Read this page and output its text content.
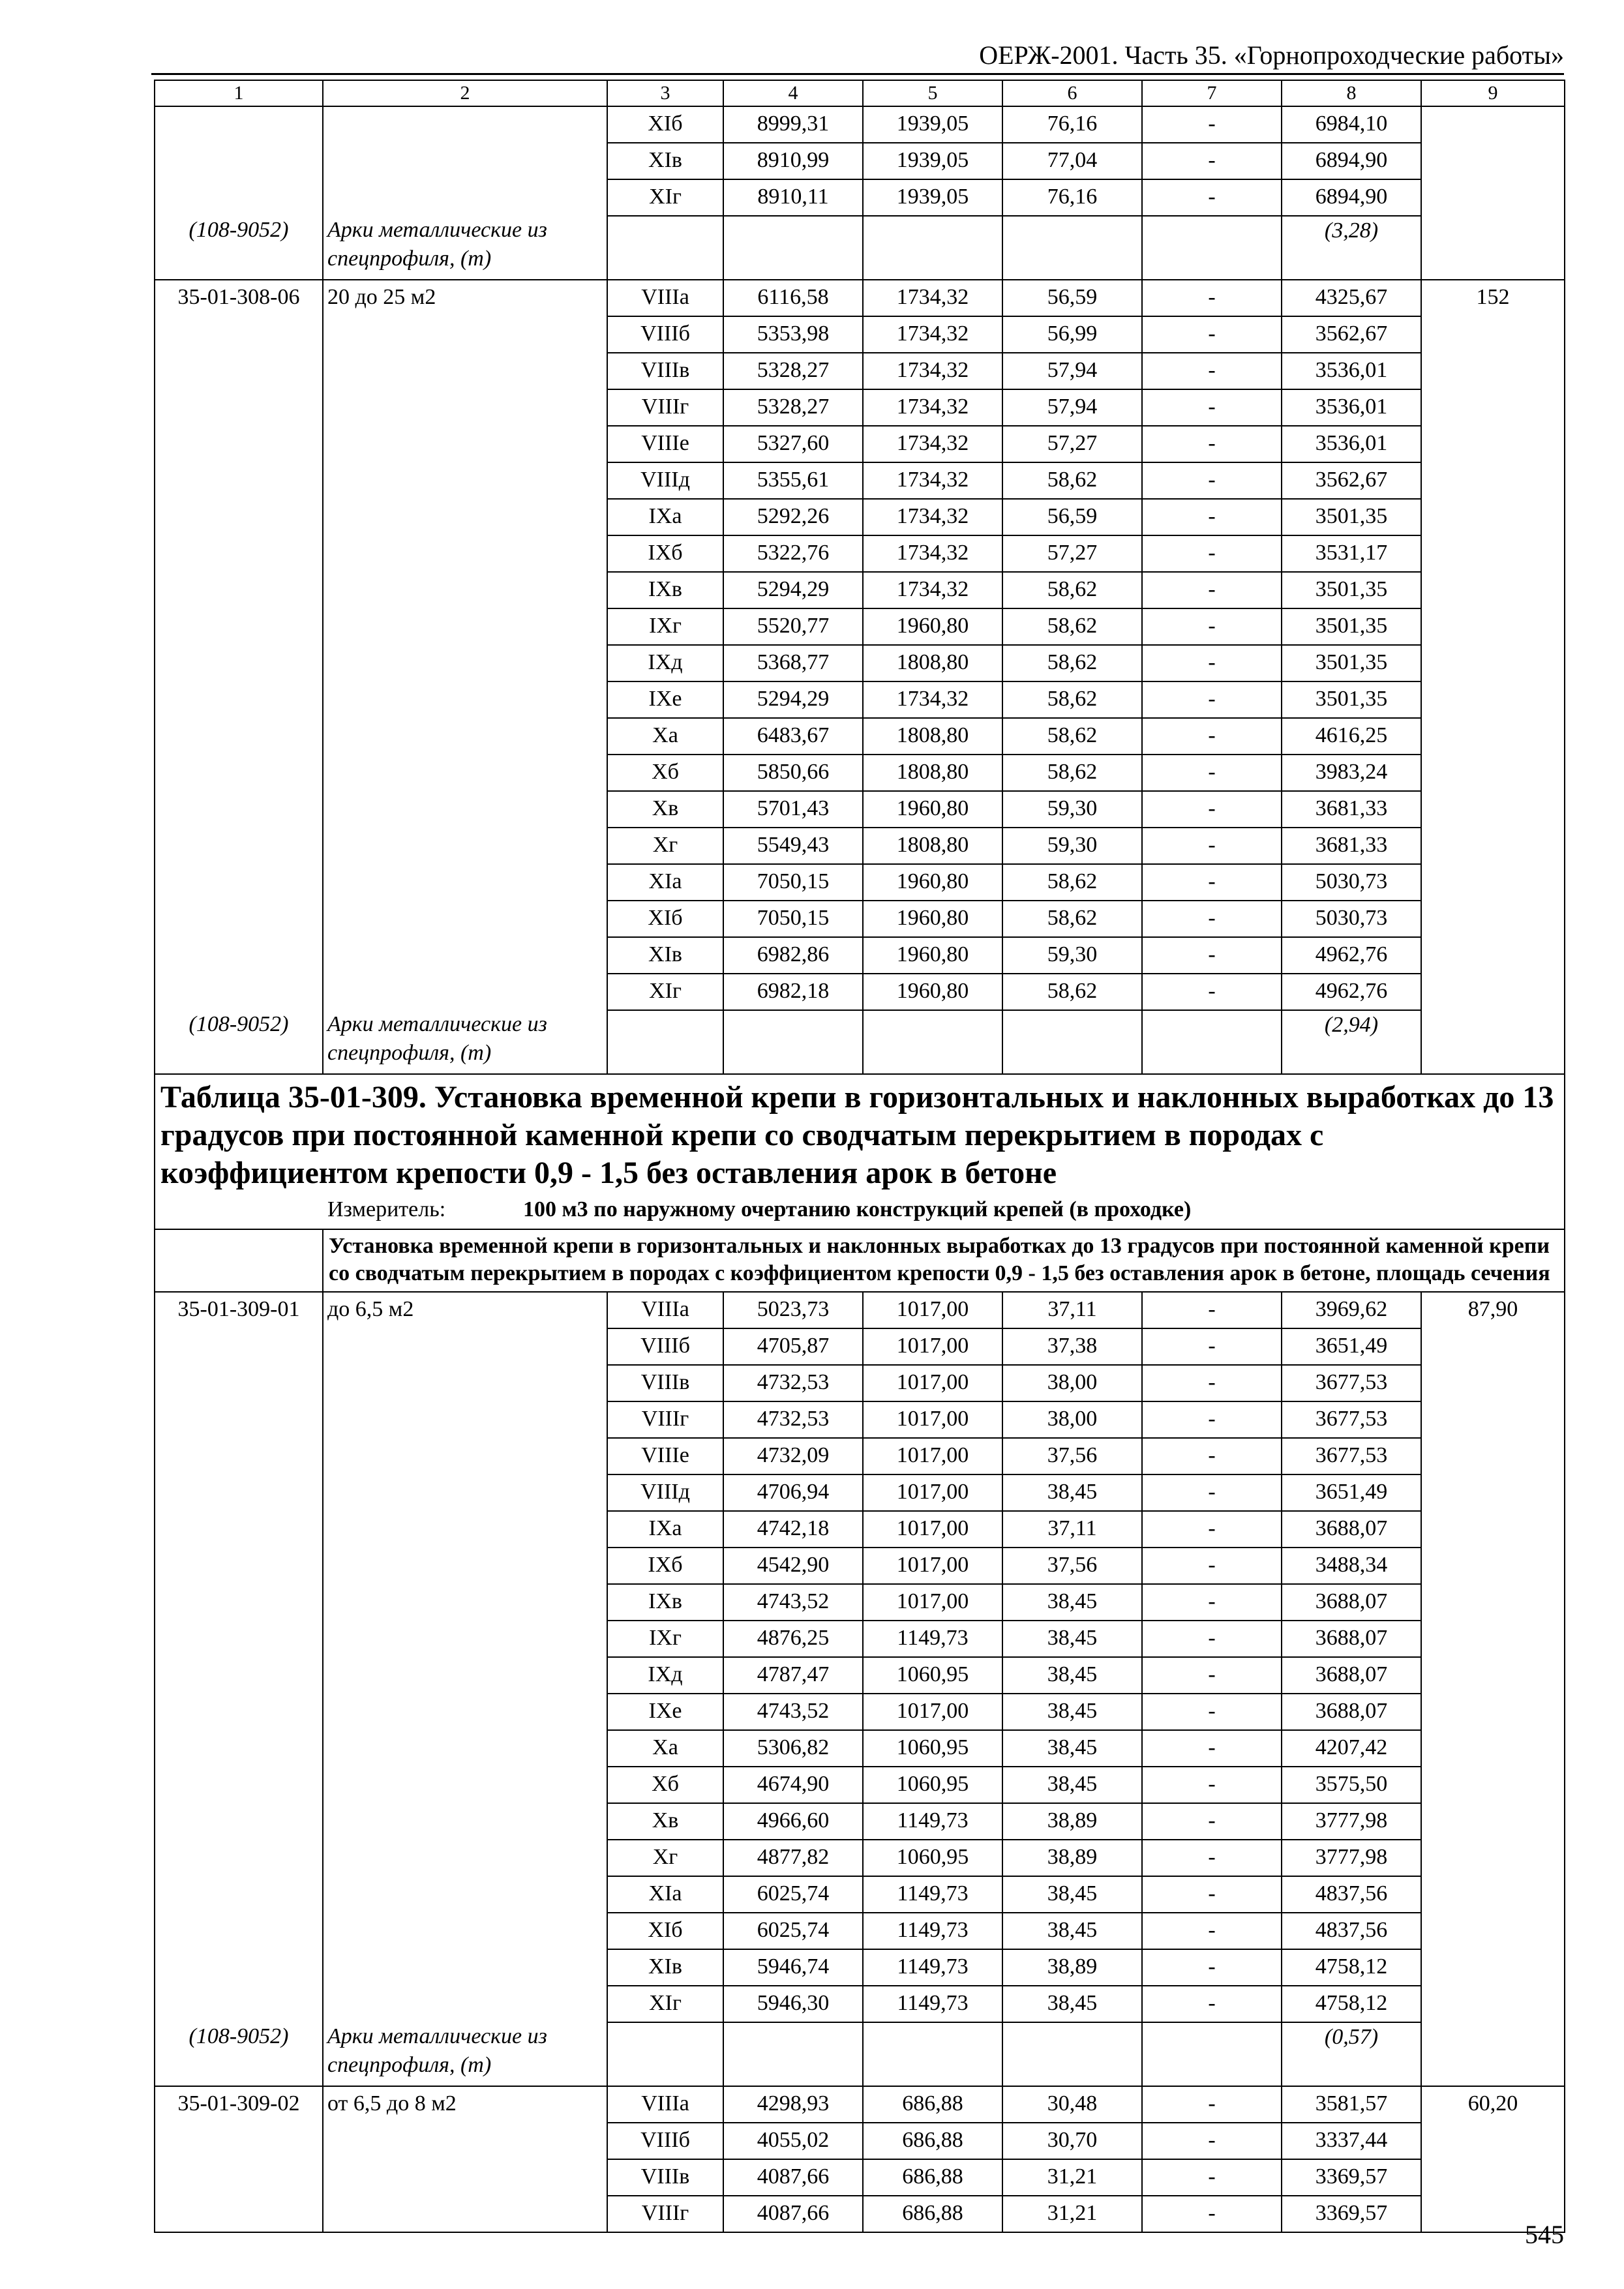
ОЕРЖ-2001. Часть 35. «Горнопроходческие работы»
1	2	3	4	5	6	7	8	9
		XIб	8999,31	1939,05	76,16	-	6984,10	
		XIв	8910,99	1939,05	77,04	-	6894,90	
		XIг	8910,11	1939,05	76,16	-	6894,90	
(108-9052)	Арки металлические из спецпрофиля, (т)						(3,28)	
35-01-308-06	20 до 25 м2	VIIIа	6116,58	1734,32	56,59	-	4325,67	152
		VIIIб	5353,98	1734,32	56,99	-	3562,67	
		VIIIв	5328,27	1734,32	57,94	-	3536,01	
		VIIIг	5328,27	1734,32	57,94	-	3536,01	
		VIIIе	5327,60	1734,32	57,27	-	3536,01	
		VIIIд	5355,61	1734,32	58,62	-	3562,67	
		IXа	5292,26	1734,32	56,59	-	3501,35	
		IXб	5322,76	1734,32	57,27	-	3531,17	
		IXв	5294,29	1734,32	58,62	-	3501,35	
		IXг	5520,77	1960,80	58,62	-	3501,35	
		IXд	5368,77	1808,80	58,62	-	3501,35	
		IXе	5294,29	1734,32	58,62	-	3501,35	
		Xа	6483,67	1808,80	58,62	-	4616,25	
		Xб	5850,66	1808,80	58,62	-	3983,24	
		Xв	5701,43	1960,80	59,30	-	3681,33	
		Xг	5549,43	1808,80	59,30	-	3681,33	
		XIа	7050,15	1960,80	58,62	-	5030,73	
		XIб	7050,15	1960,80	58,62	-	5030,73	
		XIв	6982,86	1960,80	59,30	-	4962,76	
		XIг	6982,18	1960,80	58,62	-	4962,76	
(108-9052)	Арки металлические из спецпрофиля, (т)						(2,94)	

Таблица 35-01-309. Установка временной крепи в горизонтальных и наклонных выработках до 13 градусов при постоянной каменной крепи со сводчатым перекрытием в породах с коэффициентом крепости 0,9 - 1,5 без оставления арок в бетоне
Измеритель: 100 м3 по наружному очертанию конструкций крепей (в проходке)								

	Установка временной крепи в горизонтальных и наклонных выработках до 13 градусов при постоянной каменной крепи со сводчатым перекрытием в породах с коэффициентом крепости 0,9 - 1,5 без оставления арок в бетоне, площадь сечения							
35-01-309-01	до 6,5 м2	VIIIа	5023,73	1017,00	37,11	-	3969,62	87,90
		VIIIб	4705,87	1017,00	37,38	-	3651,49	
		VIIIв	4732,53	1017,00	38,00	-	3677,53	
		VIIIг	4732,53	1017,00	38,00	-	3677,53	
		VIIIе	4732,09	1017,00	37,56	-	3677,53	
		VIIIд	4706,94	1017,00	38,45	-	3651,49	
		IXа	4742,18	1017,00	37,11	-	3688,07	
		IXб	4542,90	1017,00	37,56	-	3488,34	
		IXв	4743,52	1017,00	38,45	-	3688,07	
		IXг	4876,25	1149,73	38,45	-	3688,07	
		IXд	4787,47	1060,95	38,45	-	3688,07	
		IXе	4743,52	1017,00	38,45	-	3688,07	
		Xа	5306,82	1060,95	38,45	-	4207,42	
		Xб	4674,90	1060,95	38,45	-	3575,50	
		Xв	4966,60	1149,73	38,89	-	3777,98	
		Xг	4877,82	1060,95	38,89	-	3777,98	
		XIа	6025,74	1149,73	38,45	-	4837,56	
		XIб	6025,74	1149,73	38,45	-	4837,56	
		XIв	5946,74	1149,73	38,89	-	4758,12	
		XIг	5946,30	1149,73	38,45	-	4758,12	
(108-9052)	Арки металлические из спецпрофиля, (т)						(0,57)	
35-01-309-02	от 6,5 до 8 м2	VIIIа	4298,93	686,88	30,48	-	3581,57	60,20
		VIIIб	4055,02	686,88	30,70	-	3337,44	
		VIIIв	4087,66	686,88	31,21	-	3369,57	
		VIIIг	4087,66	686,88	31,21	-	3369,57	
545
